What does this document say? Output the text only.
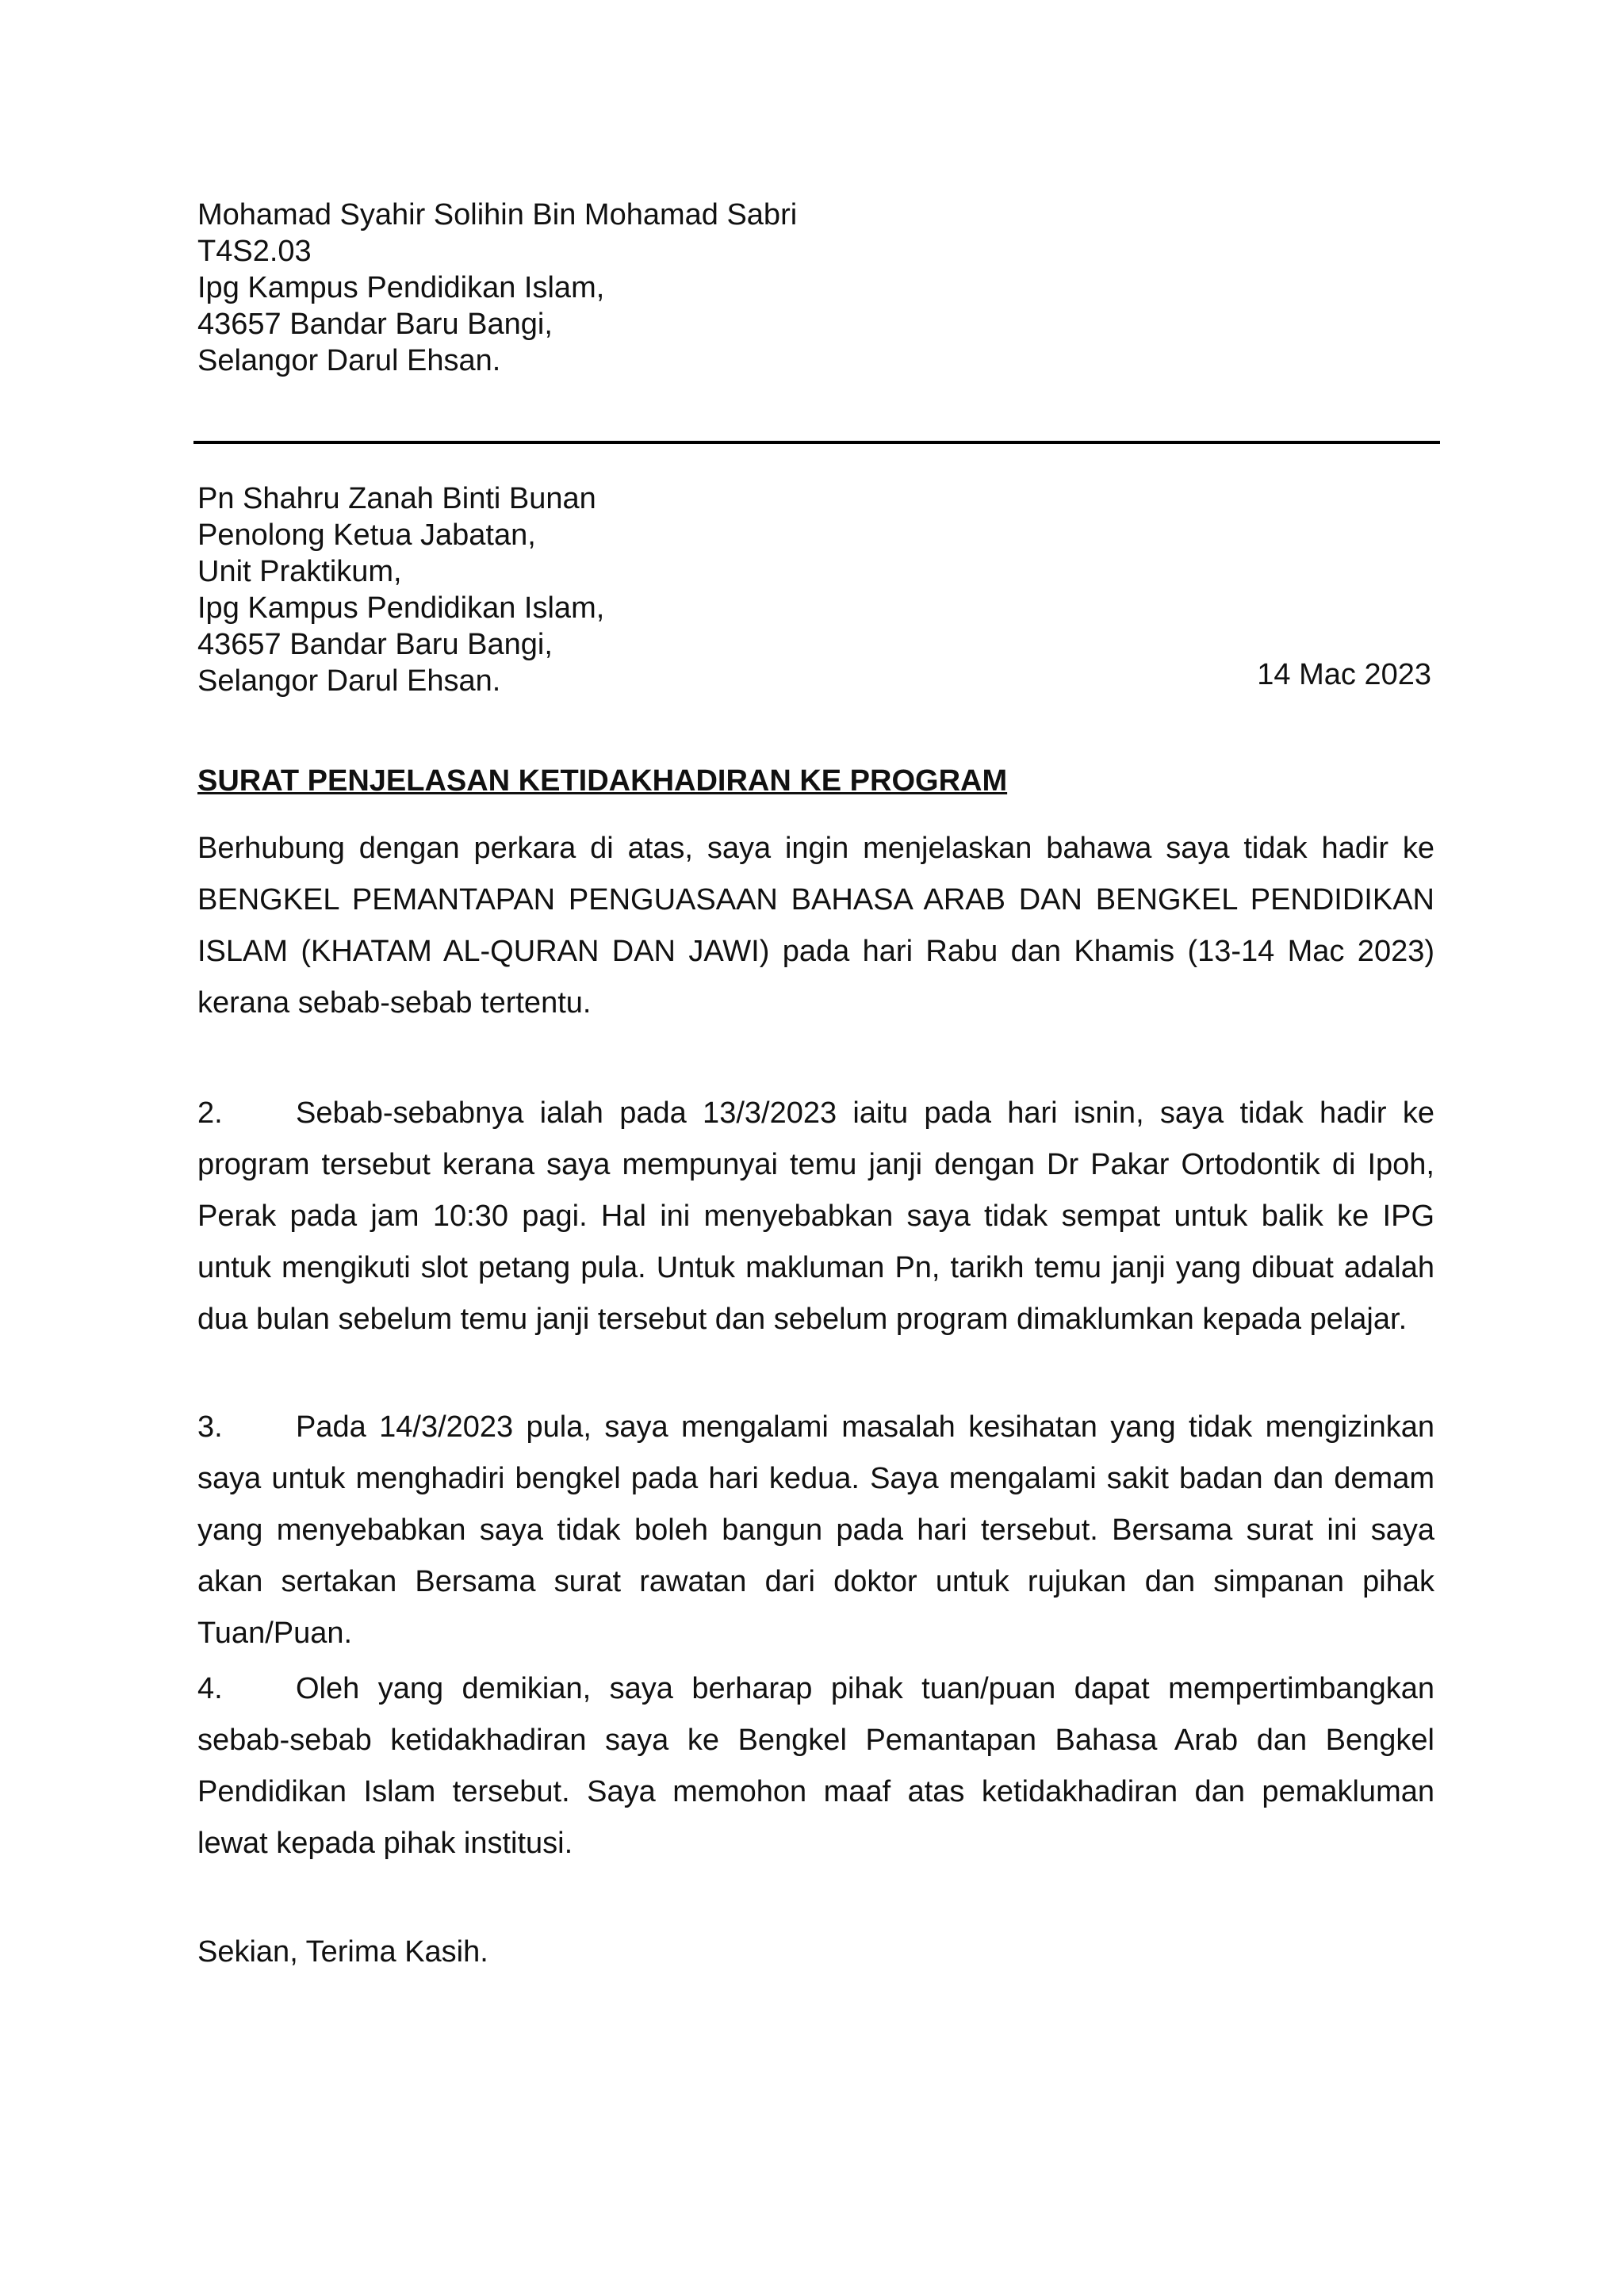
Mohamad Syahir Solihin Bin Mohamad Sabri
T4S2.03
Ipg Kampus Pendidikan Islam,
43657 Bandar Baru Bangi,
Selangor Darul Ehsan.
Pn Shahru Zanah Binti Bunan
Penolong Ketua Jabatan,
Unit Praktikum,
Ipg Kampus Pendidikan Islam,
43657 Bandar Baru Bangi,
Selangor Darul Ehsan.	14 Mac 2023
SURAT PENJELASAN KETIDAKHADIRAN KE PROGRAM

Berhubung dengan perkara di atas, saya ingin menjelaskan bahawa saya tidak hadir ke BENGKEL PEMANTAPAN PENGUASAAN BAHASA ARAB DAN BENGKEL PENDIDIKAN ISLAM (KHATAM AL-QURAN DAN JAWI) pada hari Rabu dan Khamis (13-14 Mac 2023) kerana sebab-sebab tertentu.

2. Sebab-sebabnya ialah pada 13/3/2023 iaitu pada hari isnin, saya tidak hadir ke program tersebut kerana saya mempunyai temu janji dengan Dr Pakar Ortodontik di Ipoh, Perak pada jam 10:30 pagi. Hal ini menyebabkan saya tidak sempat untuk balik ke IPG untuk mengikuti slot petang pula. Untuk makluman Pn, tarikh temu janji yang dibuat adalah dua bulan sebelum temu janji tersebut dan sebelum program dimaklumkan kepada pelajar.

3. Pada 14/3/2023 pula, saya mengalami masalah kesihatan yang tidak mengizinkan saya untuk menghadiri bengkel pada hari kedua. Saya mengalami sakit badan dan demam yang menyebabkan saya tidak boleh bangun pada hari tersebut. Bersama surat ini saya akan sertakan Bersama surat rawatan dari doktor untuk rujukan dan simpanan pihak Tuan/Puan.

4. Oleh yang demikian, saya berharap pihak tuan/puan dapat mempertimbangkan sebab-sebab ketidakhadiran saya ke Bengkel Pemantapan Bahasa Arab dan Bengkel Pendidikan Islam tersebut. Saya memohon maaf atas ketidakhadiran dan pemakluman lewat kepada pihak institusi.

Sekian, Terima Kasih.
